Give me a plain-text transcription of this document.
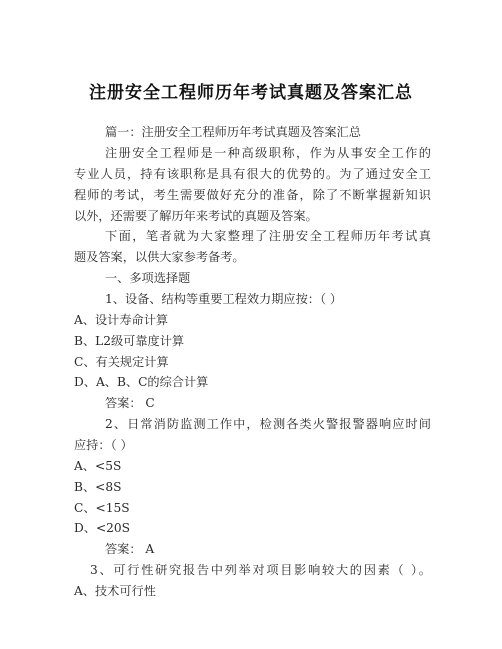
注册安全工程师历年考试真题及答案汇总
篇一：注册安全工程师历年考试真题及答案汇总
注册安全工程师是一种高级职称，作为从事安全工作的
专业人员，持有该职称是具有很大的优势的。为了通过安全工
程师的考试，考生需要做好充分的准备，除了不断掌握新知识
以外，还需要了解历年来考试的真题及答案。
下面，笔者就为大家整理了注册安全工程师历年考试真
题及答案，以供大家参考备考。
一、多项选择题
1、设备、结构等重要工程效力期应按：（ ）
A、设计寿命计算
B、L2级可靠度计算
C、有关规定计算
D、A、B、C的综合计算
答案： C
2、日常消防监测工作中，检测各类火警报警器响应时间
应持：（ ）
A、<5S
B、<8S
C、<15S
D、<20S
答案： A
3、可行性研究报告中列举对项目影响较大的因素（ ）。
A、技术可行性
